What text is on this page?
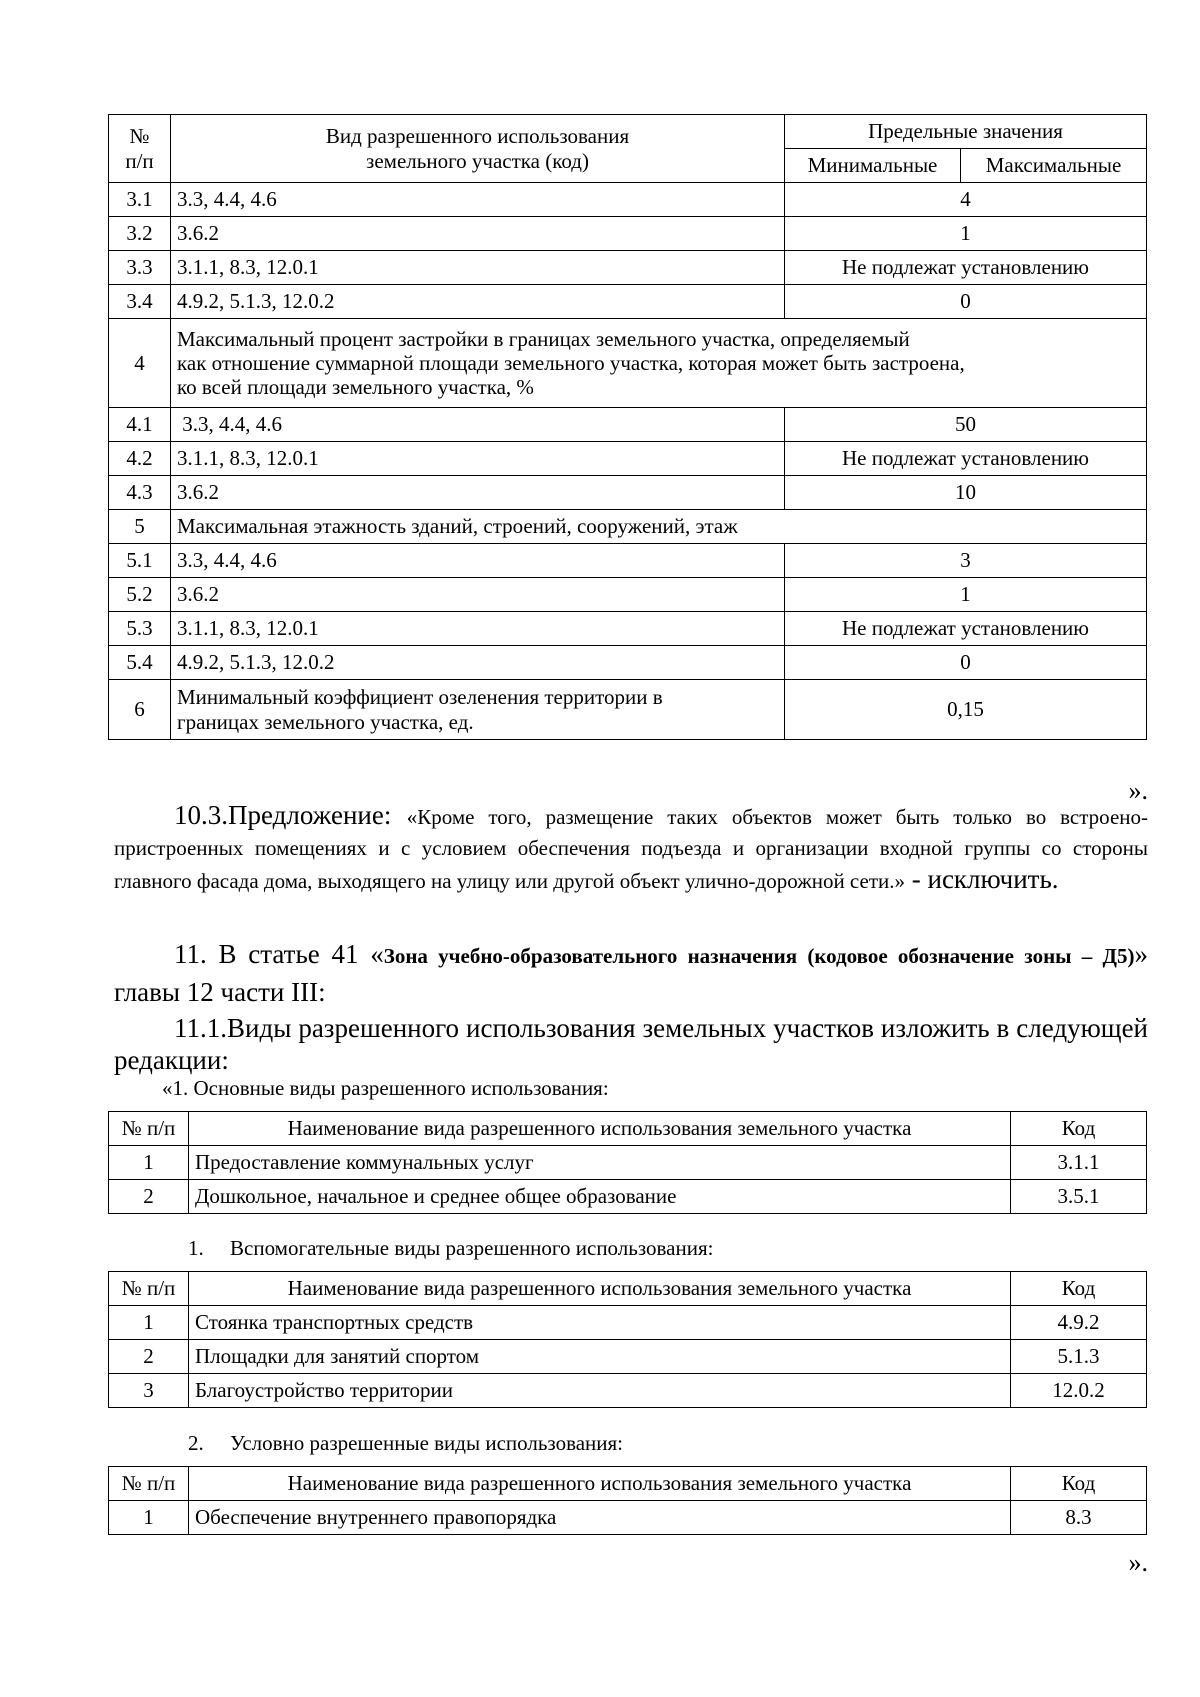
№
п/п	Вид разрешенного использования
земельного участка (код)	Предельные значения	
		Минимальные	Максимальные
3.1	3.3, 4.4, 4.6	4	
3.2	3.6.2	1	
3.3	3.1.1, 8.3, 12.0.1	Не подлежат установлению	
3.4	4.9.2, 5.1.3, 12.0.2	0	
4	Максимальный процент застройки в границах земельного участка, определяемый
как отношение суммарной площади земельного участка, которая может быть застроена,
ко всей площади земельного участка, %		
4.1	3.3, 4.4, 4.6	50	
4.2	3.1.1, 8.3, 12.0.1	Не подлежат установлению	
4.3	3.6.2	10	
5	Максимальная этажность зданий, строений, сооружений, этаж		
5.1	3.3, 4.4, 4.6	3	
5.2	3.6.2	1	
5.3	3.1.1, 8.3, 12.0.1	Не подлежат установлению	
5.4	4.9.2, 5.1.3, 12.0.2	0	
6	Минимальный коэффициент озеленения территории в
границах земельного участка, ед.	0,15	
».
10.3.Предложение: «Кроме того, размещение таких объектов может быть только во встроено-пристроенных помещениях и с условием обеспечения подъезда и организации входной группы со стороны главного фасада дома, выходящего на улицу или другой объект улично-дорожной сети.» - исключить.
11. В статье 41 «Зона учебно-образовательного назначения (кодовое обозначение зоны – Д5)» главы 12 части III:
11.1.Виды разрешенного использования земельных участков изложить в следующей редакции:
«1. Основные виды разрешенного использования:
№ п/п	Наименование вида разрешенного использования земельного участка	Код
1	Предоставление коммунальных услуг	3.1.1
2	Дошкольное, начальное и среднее общее образование	3.5.1
1. Вспомогательные виды разрешенного использования:
№ п/п	Наименование вида разрешенного использования земельного участка	Код
1	Стоянка транспортных средств	4.9.2
2	Площадки для занятий спортом	5.1.3
3	Благоустройство территории	12.0.2
2. Условно разрешенные виды использования:
№ п/п	Наименование вида разрешенного использования земельного участка	Код
1	Обеспечение внутреннего правопорядка	8.3
».
